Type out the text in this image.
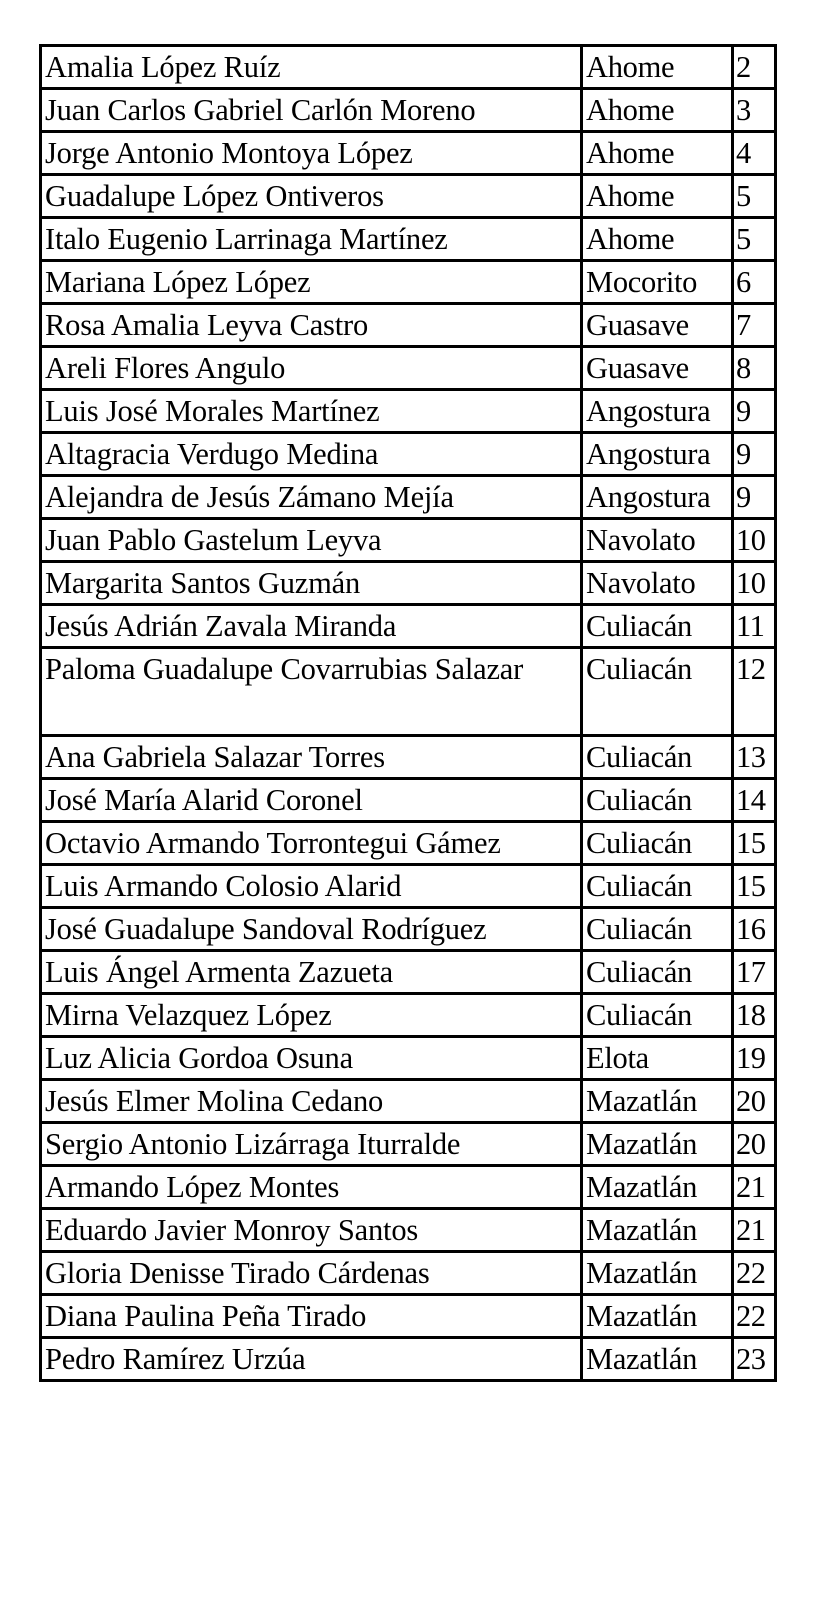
Amalia López Ruíz	Ahome	2
Juan Carlos Gabriel Carlón Moreno	Ahome	3
Jorge Antonio Montoya López	Ahome	4
Guadalupe López Ontiveros	Ahome	5
Italo Eugenio Larrinaga Martínez	Ahome	5
Mariana López López	Mocorito	6
Rosa Amalia Leyva Castro	Guasave	7
Areli Flores Angulo	Guasave	8
Luis José Morales Martínez	Angostura	9
Altagracia Verdugo Medina	Angostura	9
Alejandra de Jesús Zámano Mejía	Angostura	9
Juan Pablo Gastelum Leyva	Navolato	10
Margarita Santos Guzmán	Navolato	10
Jesús Adrián Zavala Miranda	Culiacán	11
Paloma Guadalupe Covarrubias Salazar	Culiacán	12
Ana Gabriela Salazar Torres	Culiacán	13
José María Alarid Coronel	Culiacán	14
Octavio Armando Torrontegui Gámez	Culiacán	15
Luis Armando Colosio Alarid	Culiacán	15
José Guadalupe Sandoval Rodríguez	Culiacán	16
Luis Ángel Armenta Zazueta	Culiacán	17
Mirna Velazquez López	Culiacán	18
Luz Alicia Gordoa Osuna	Elota	19
Jesús Elmer Molina Cedano	Mazatlán	20
Sergio Antonio Lizárraga Iturralde	Mazatlán	20
Armando López Montes	Mazatlán	21
Eduardo Javier Monroy Santos	Mazatlán	21
Gloria Denisse Tirado Cárdenas	Mazatlán	22
Diana Paulina Peña Tirado	Mazatlán	22
Pedro Ramírez Urzúa	Mazatlán	23
